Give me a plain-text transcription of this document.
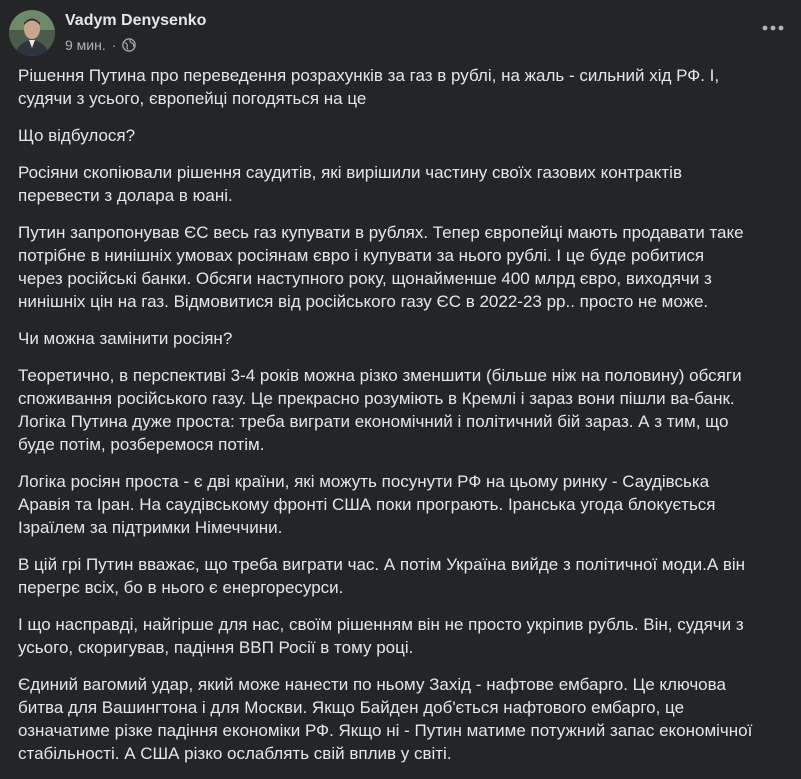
Vadym Denysenko
9 мин. ·

Рішення Путина про переведення розрахунків за газ в рублі, на жаль - сильний хід РФ. І,
судячи з усього, європейці погодяться на це

Що відбулося?

Росіяни скопіювали рішення саудитів, які вирішили частину своїх газових контрактів
перевести з долара в юані.

Путин запропонував ЄС весь газ купувати в рублях. Тепер європейці мають продавати таке
потрібне в нинішніх умовах росіянам євро і купувати за нього рублі. І це буде робитися
через російські банки. Обсяги наступного року, щонайменше 400 млрд євро, виходячи з
нинішніх цін на газ. Відмовитися від російського газу ЄС в 2022-23 рр.. просто не може.

Чи можна замінити росіян?

Теоретично, в перспективі 3-4 років можна різко зменшити (більше ніж на половину) обсяги
споживання російського газу. Це прекрасно розуміють в Кремлі і зараз вони пішли ва-банк.
Логіка Путина дуже проста: треба виграти економічний і політичний бій зараз. А з тим, що
буде потім, розберемося потім.

Логіка росіян проста - є дві країни, які можуть посунути РФ на цьому ринку - Саудівська
Аравія та Іран. На саудівському фронті США поки програють. Іранська угода блокується
Ізраїлем за підтримки Німеччини.

В цій грі Путин вважає, що треба виграти час. А потім Україна вийде з політичної моди.А він
перегрє всіх, бо в нього є енергоресурси.

І що насправді, найгірше для нас, своїм рішенням він не просто укріпив рубль. Він, судячи з
усього, скоригував, падіння ВВП Росії в тому році.

Єдиний вагомий удар, який може нанести по ньому Захід - нафтове ембарго. Це ключова
битва для Вашингтона і для Москви. Якщо Байден доб'ється нафтового ембарго, це
означатиме різке падіння економіки РФ. Якщо ні - Путин матиме потужний запас економічної
стабільності. А США різко ослаблять свій вплив у світі.
